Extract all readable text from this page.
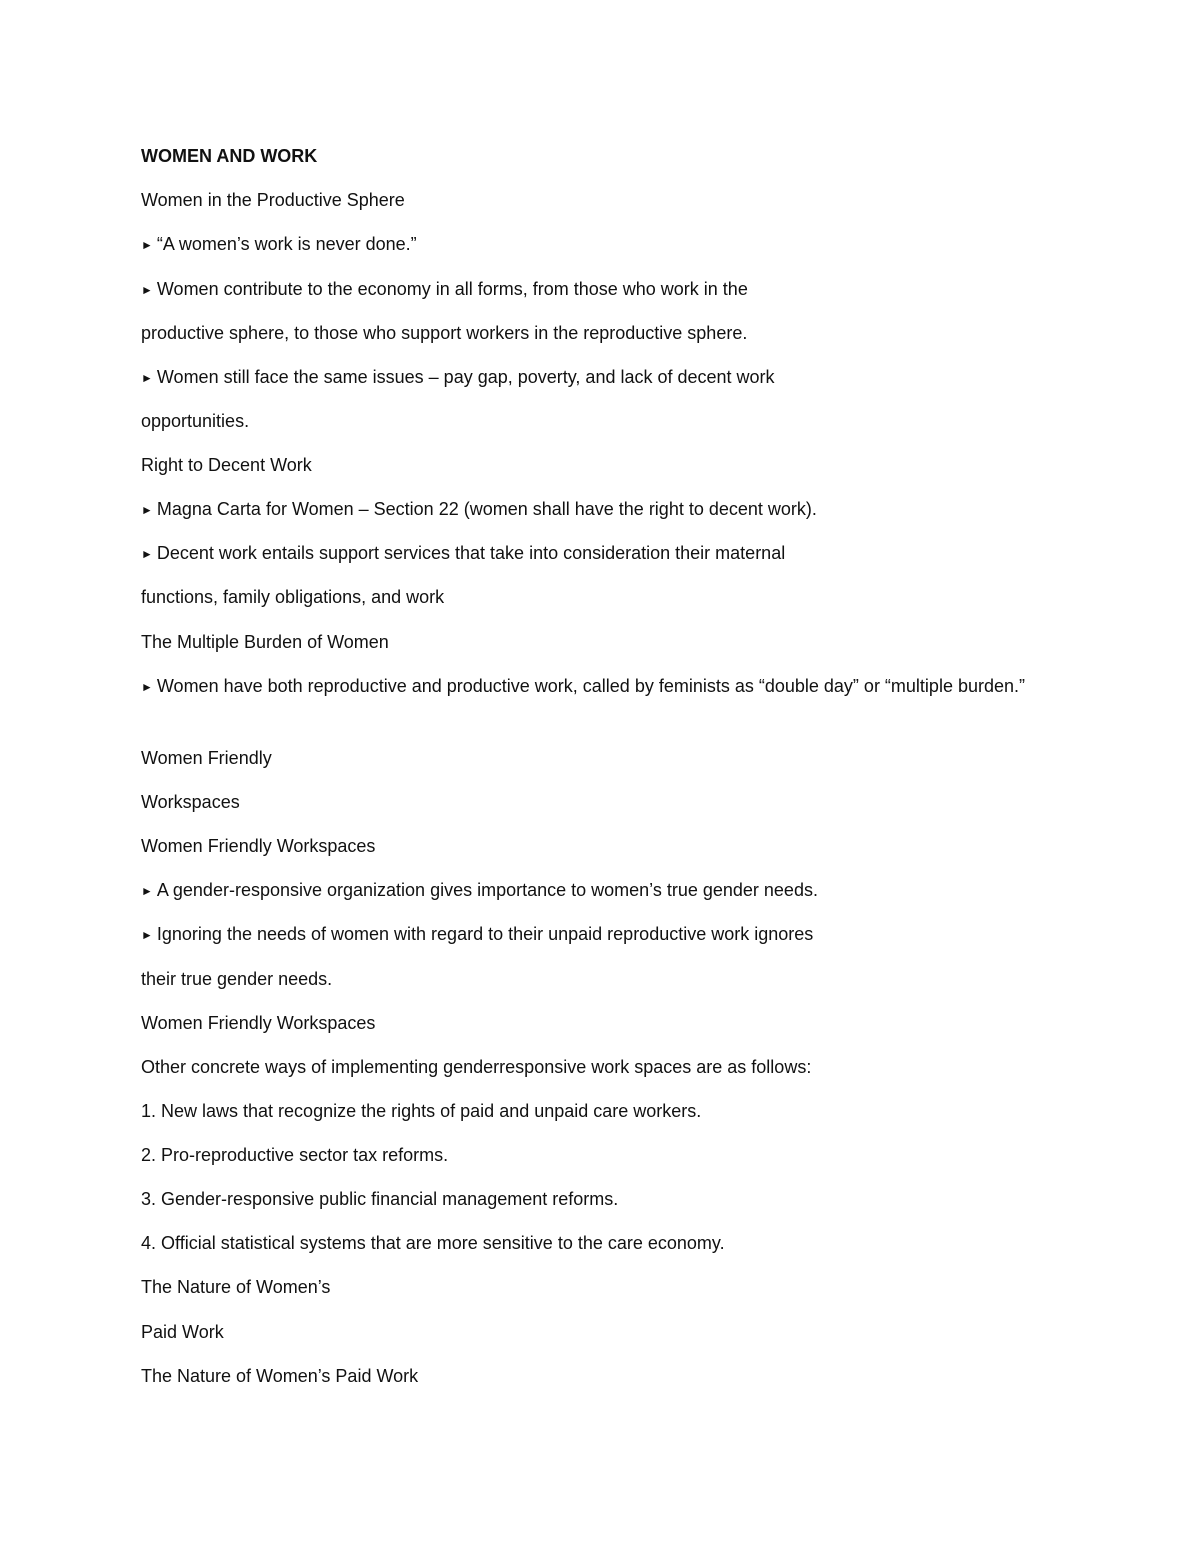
WOMEN AND WORK
Women in the Productive Sphere
► “A women’s work is never done.”
► Women contribute to the economy in all forms, from those who work in the
productive sphere, to those who support workers in the reproductive sphere.
► Women still face the same issues – pay gap, poverty, and lack of decent work
opportunities.
Right to Decent Work
► Magna Carta for Women – Section 22 (women shall have the right to decent work).
► Decent work entails support services that take into consideration their maternal
functions, family obligations, and work
The Multiple Burden of Women
► Women have both reproductive and productive work, called by feminists as “double day” or “multiple burden.”
Women Friendly
Workspaces
Women Friendly Workspaces
► A gender-responsive organization gives importance to women’s true gender needs.
► Ignoring the needs of women with regard to their unpaid reproductive work ignores
their true gender needs.
Women Friendly Workspaces
Other concrete ways of implementing genderresponsive work spaces are as follows:
1. New laws that recognize the rights of paid and unpaid care workers.
2. Pro-reproductive sector tax reforms.
3. Gender-responsive public financial management reforms.
4. Official statistical systems that are more sensitive to the care economy.
The Nature of Women’s
Paid Work
The Nature of Women’s Paid Work
